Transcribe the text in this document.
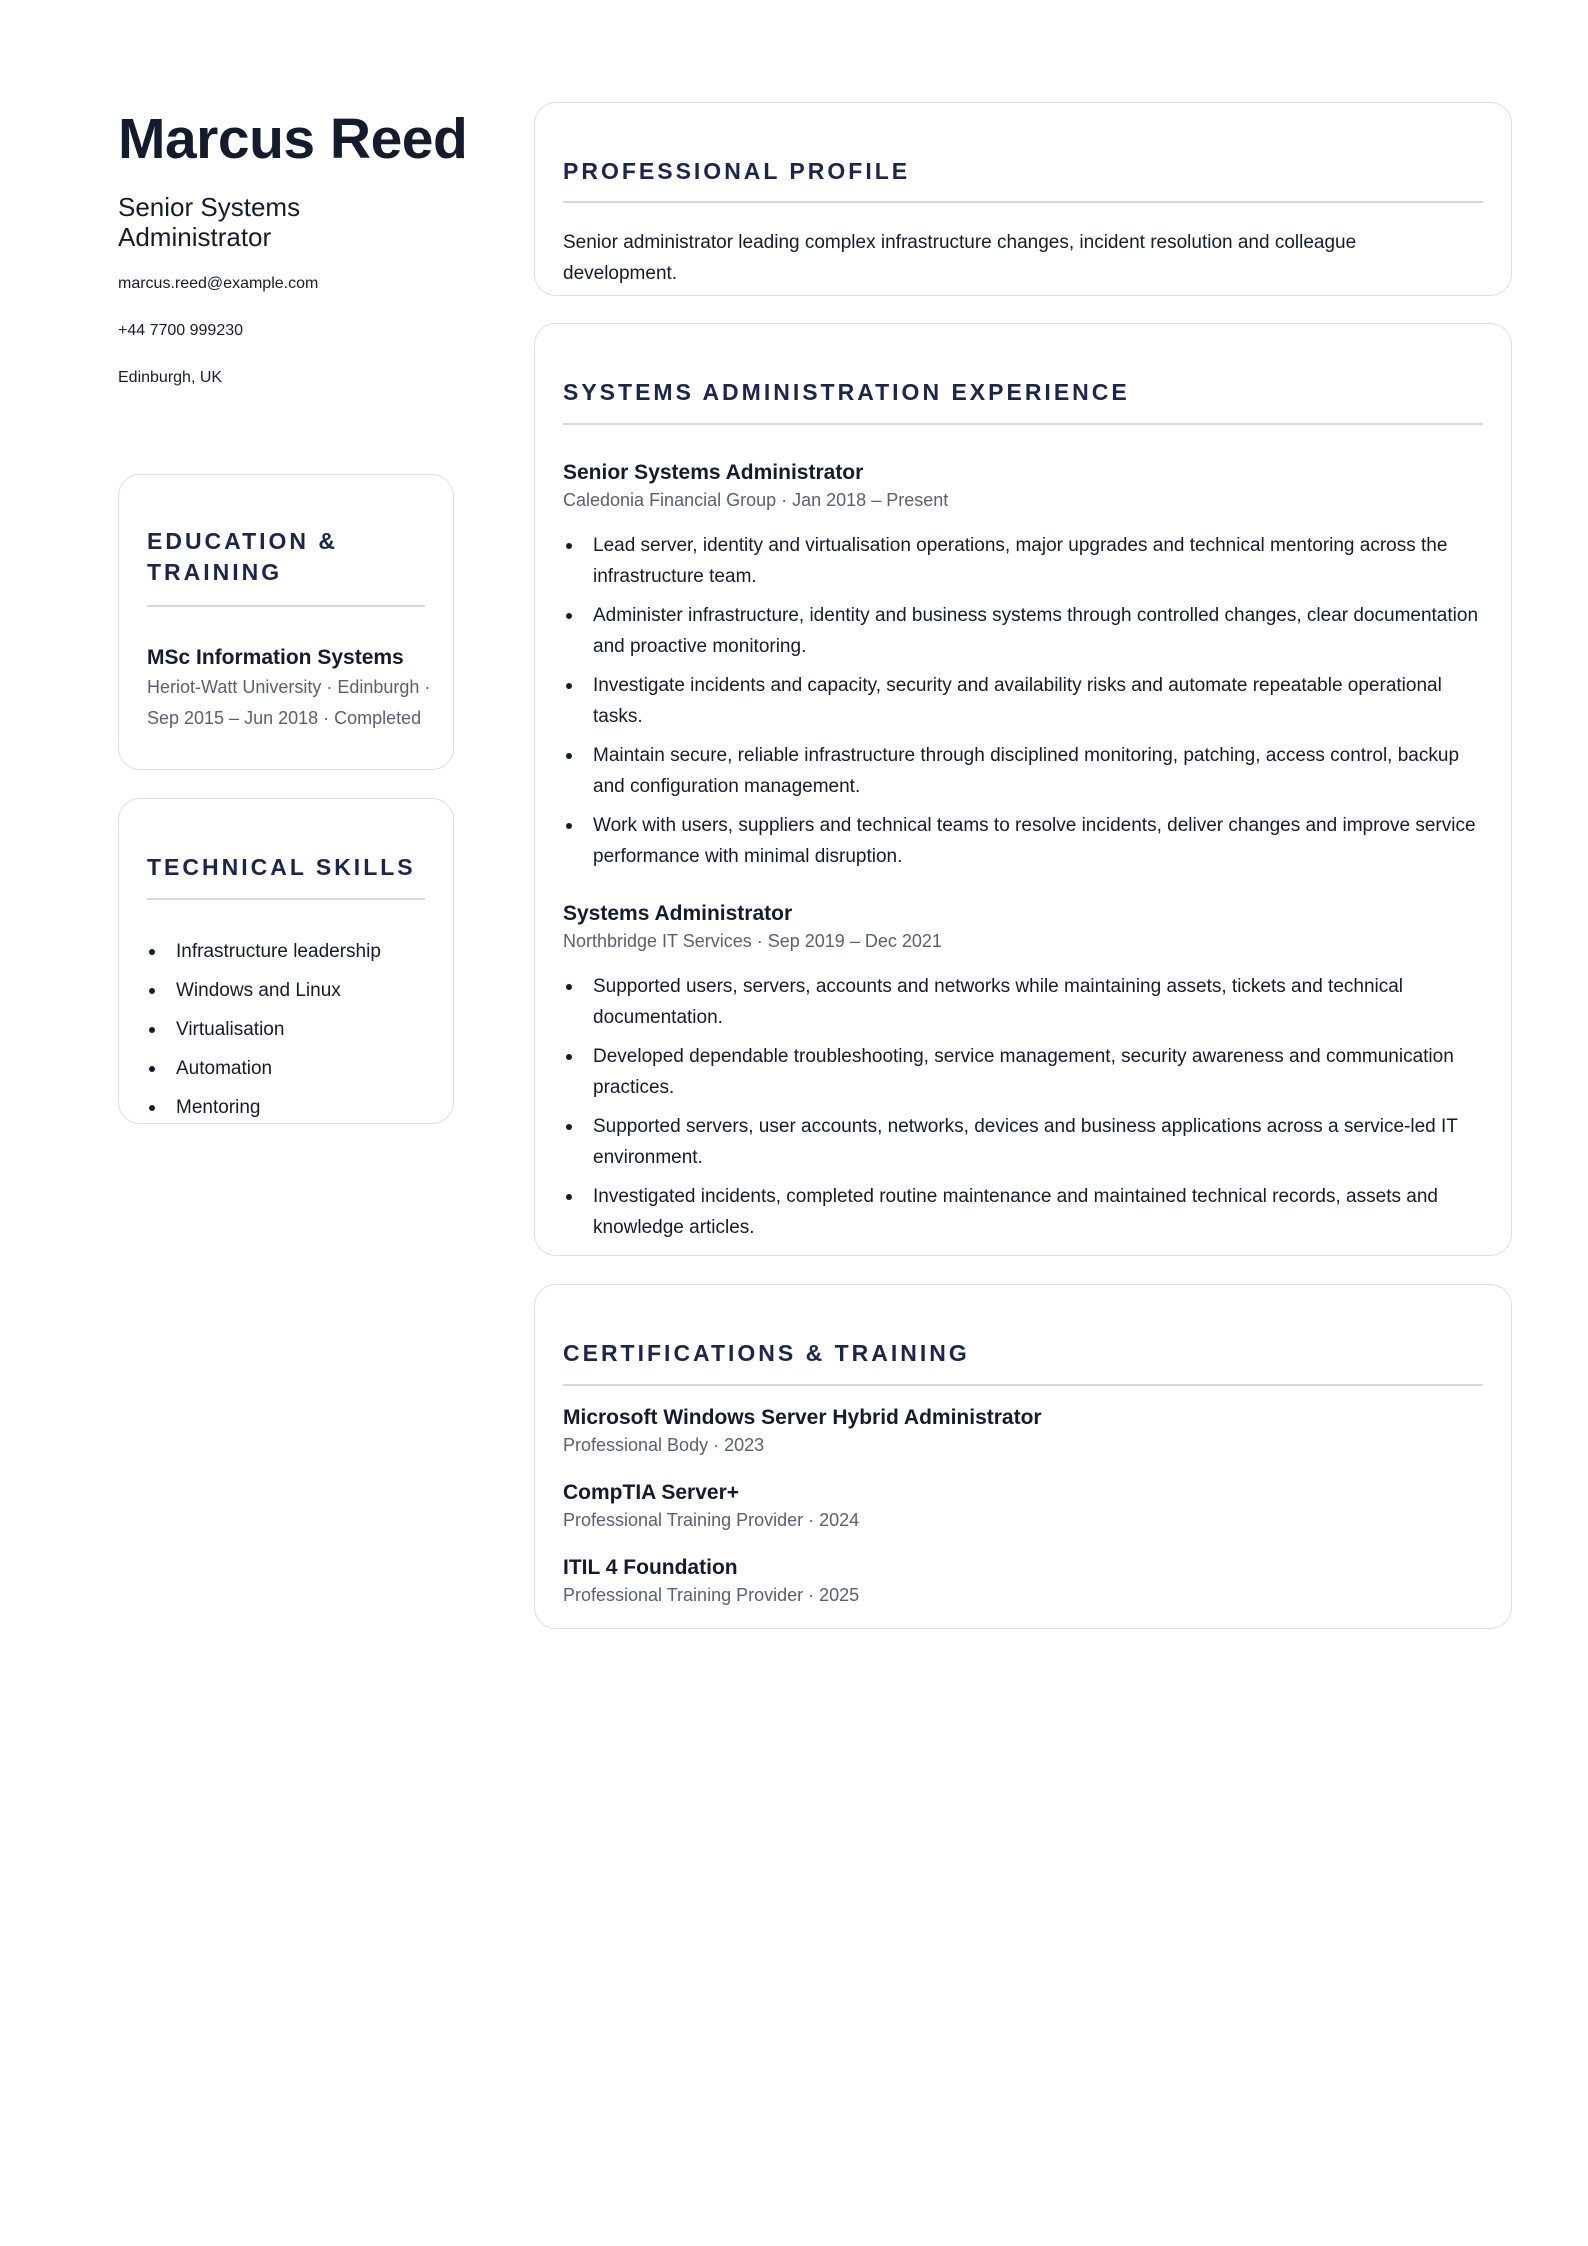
Marcus Reed
Senior Systems Administrator
marcus.reed@example.com
+44 7700 999230
Edinburgh, UK
EDUCATION & TRAINING
MSc Information Systems
Heriot-Watt University · Edinburgh · Sep 2015 – Jun 2018 · Completed
TECHNICAL SKILLS
Infrastructure leadership
Windows and Linux
Virtualisation
Automation
Mentoring
PROFESSIONAL PROFILE
Senior administrator leading complex infrastructure changes, incident resolution and colleague development.
SYSTEMS ADMINISTRATION EXPERIENCE
Senior Systems Administrator
Caledonia Financial Group · Jan 2018 – Present
Lead server, identity and virtualisation operations, major upgrades and technical mentoring across the infrastructure team.
Administer infrastructure, identity and business systems through controlled changes, clear documentation and proactive monitoring.
Investigate incidents and capacity, security and availability risks and automate repeatable operational tasks.
Maintain secure, reliable infrastructure through disciplined monitoring, patching, access control, backup and configuration management.
Work with users, suppliers and technical teams to resolve incidents, deliver changes and improve service performance with minimal disruption.
Systems Administrator
Northbridge IT Services · Sep 2019 – Dec 2021
Supported users, servers, accounts and networks while maintaining assets, tickets and technical documentation.
Developed dependable troubleshooting, service management, security awareness and communication practices.
Supported servers, user accounts, networks, devices and business applications across a service-led IT environment.
Investigated incidents, completed routine maintenance and maintained technical records, assets and knowledge articles.
CERTIFICATIONS & TRAINING
Microsoft Windows Server Hybrid Administrator
Professional Body · 2023
CompTIA Server+
Professional Training Provider · 2024
ITIL 4 Foundation
Professional Training Provider · 2025
